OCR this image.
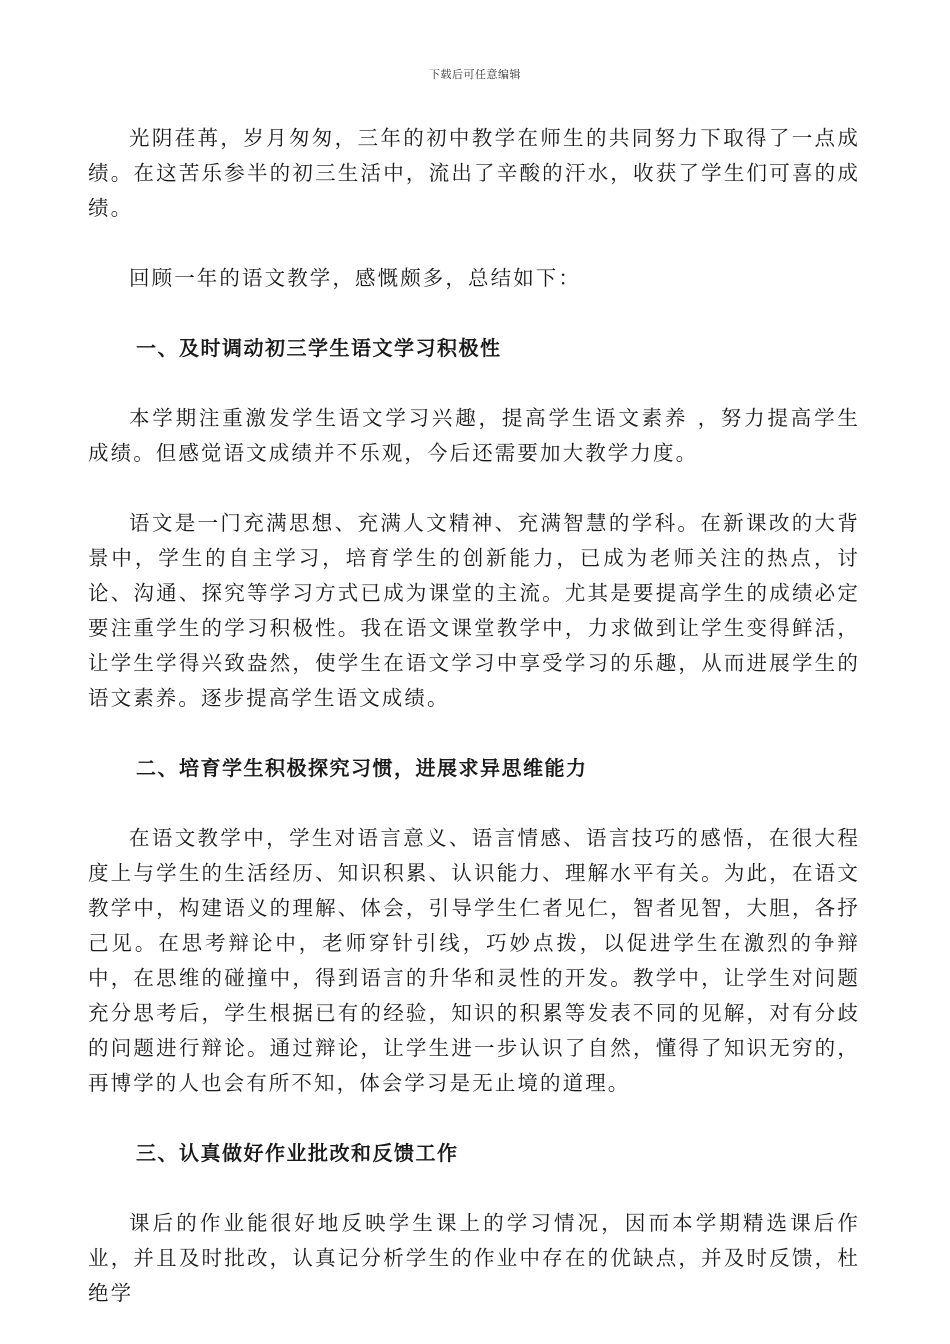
下载后可任意编辑

光阴荏苒，岁月匆匆，三年的初中教学在师生的共同努力下取得了一点成绩。在这苦乐参半的初三生活中，流出了辛酸的汗水，收获了学生们可喜的成绩。

回顾一年的语文教学，感慨颇多，总结如下：

一、及时调动初三学生语文学习积极性

本学期注重激发学生语文学习兴趣，提高学生语文素养 ，努力提高学生成绩。但感觉语文成绩并不乐观，今后还需要加大教学力度。

语文是一门充满思想、充满人文精神、充满智慧的学科。在新课改的大背景中，学生的自主学习，培育学生的创新能力，已成为老师关注的热点，讨论、沟通、探究等学习方式已成为课堂的主流。尤其是要提高学生的成绩必定要注重学生的学习积极性。我在语文课堂教学中，力求做到让学生变得鲜活，让学生学得兴致盎然，使学生在语文学习中享受学习的乐趣，从而进展学生的语文素养。逐步提高学生语文成绩。

二、培育学生积极探究习惯，进展求异思维能力

在语文教学中，学生对语言意义、语言情感、语言技巧的感悟，在很大程度上与学生的生活经历、知识积累、认识能力、理解水平有关。为此，在语文教学中，构建语义的理解、体会，引导学生仁者见仁，智者见智，大胆，各抒己见。在思考辩论中，老师穿针引线，巧妙点拨，以促进学生在激烈的争辩中，在思维的碰撞中，得到语言的升华和灵性的开发。教学中，让学生对问题充分思考后，学生根据已有的经验，知识的积累等发表不同的见解，对有分歧的问题进行辩论。通过辩论，让学生进一步认识了自然，懂得了知识无穷的，再博学的人也会有所不知，体会学习是无止境的道理。

三、认真做好作业批改和反馈工作

课后的作业能很好地反映学生课上的学习情况，因而本学期精选课后作业，并且及时批改，认真记分析学生的作业中存在的优缺点，并及时反馈，杜绝学
